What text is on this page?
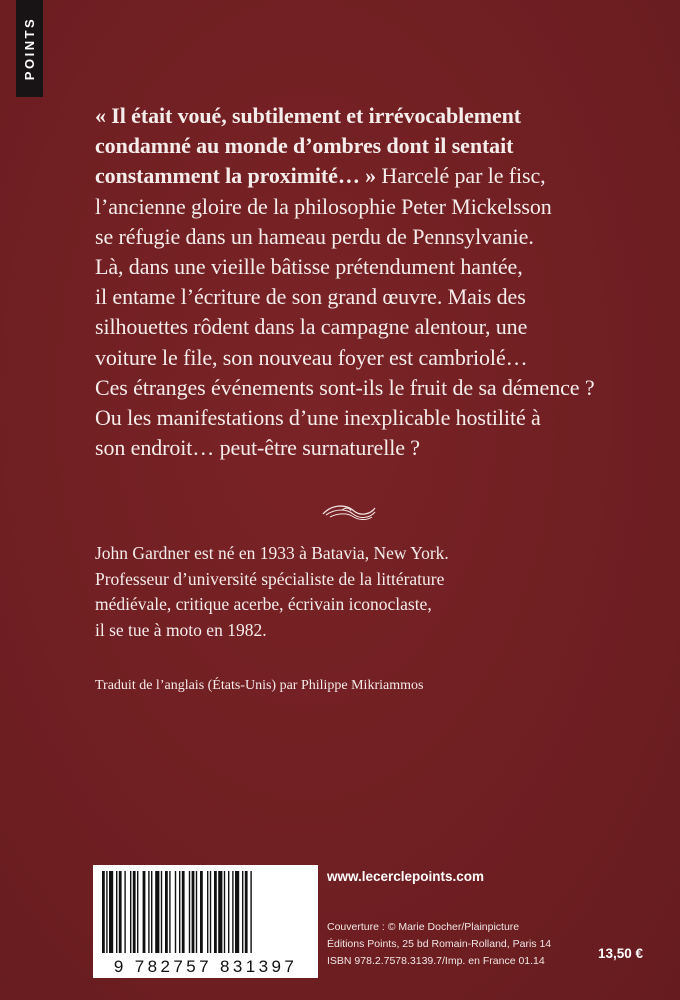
POINTS
« Il était voué, subtilement et irrévocablement
condamné au monde d’ombres dont il sentait
constamment la proximité… » Harcelé par le fisc,
l’ancienne gloire de la philosophie Peter Mickelsson
se réfugie dans un hameau perdu de Pennsylvanie.
Là, dans une vieille bâtisse prétendument hantée,
il entame l’écriture de son grand œuvre. Mais des
silhouettes rôdent dans la campagne alentour, une
voiture le file, son nouveau foyer est cambriolé…
Ces étranges événements sont-ils le fruit de sa démence ?
Ou les manifestations d’une inexplicable hostilité à
son endroit… peut-être surnaturelle ?
John Gardner est né en 1933 à Batavia, New York.
Professeur d’université spécialiste de la littérature
médiévale, critique acerbe, écrivain iconoclaste,
il se tue à moto en 1982.
Traduit de l’anglais (États-Unis) par Philippe Mikriammos
9 782757 831397
www.lecerclepoints.com
Couverture : © Marie Docher/Plainpicture
Éditions Points, 25 bd Romain-Rolland, Paris 14
ISBN 978.2.7578.3139.7/Imp. en France 01.14	13,50 €
